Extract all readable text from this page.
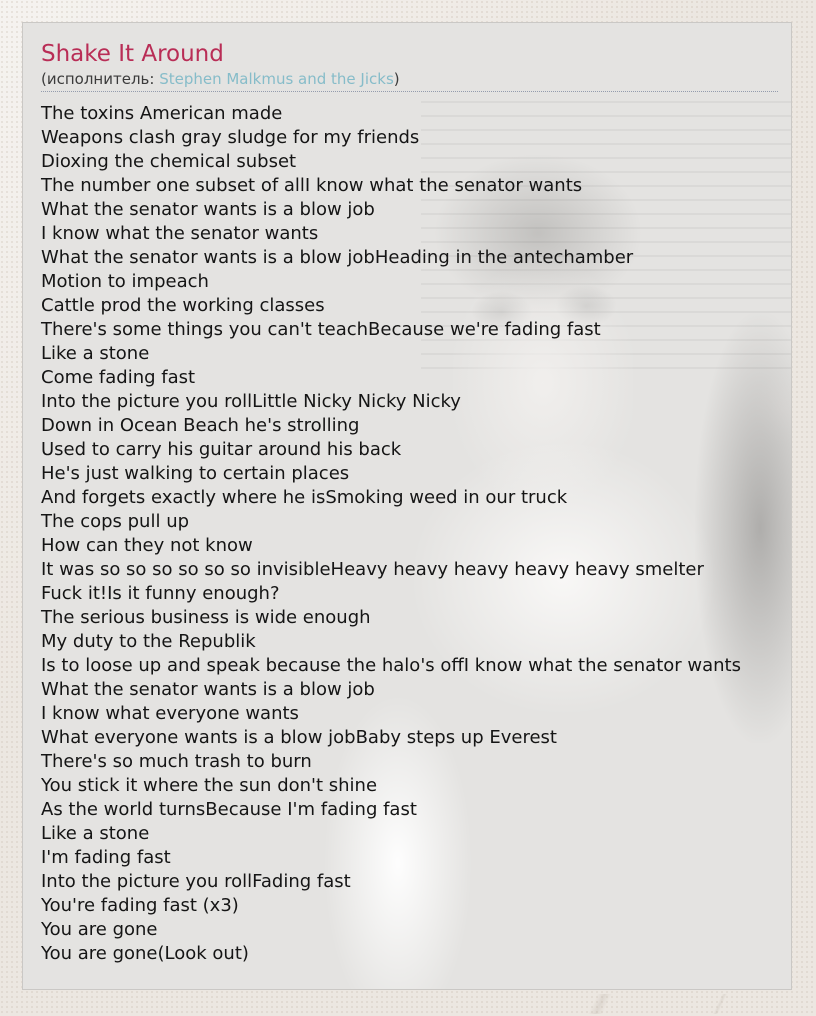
Shake It Around

(исполнитель: Stephen Malkmus and the Jicks)

The toxins American made
Weapons clash gray sludge for my friends
Dioxing the chemical subset
The number one subset of allI know what the senator wants
What the senator wants is a blow job
I know what the senator wants
What the senator wants is a blow jobHeading in the antechamber
Motion to impeach
Cattle prod the working classes
There's some things you can't teachBecause we're fading fast
Like a stone
Come fading fast
Into the picture you rollLittle Nicky Nicky Nicky
Down in Ocean Beach he's strolling
Used to carry his guitar around his back
He's just walking to certain places
And forgets exactly where he isSmoking weed in our truck
The cops pull up
How can they not know
It was so so so so so so invisibleHeavy heavy heavy heavy heavy smelter
Fuck it!Is it funny enough?
The serious business is wide enough
My duty to the Republik
Is to loose up and speak because the halo's offI know what the senator wants
What the senator wants is a blow job
I know what everyone wants
What everyone wants is a blow jobBaby steps up Everest
There's so much trash to burn
You stick it where the sun don't shine
As the world turnsBecause I'm fading fast
Like a stone
I'm fading fast
Into the picture you rollFading fast
You're fading fast (x3)
You are gone
You are gone(Look out)
